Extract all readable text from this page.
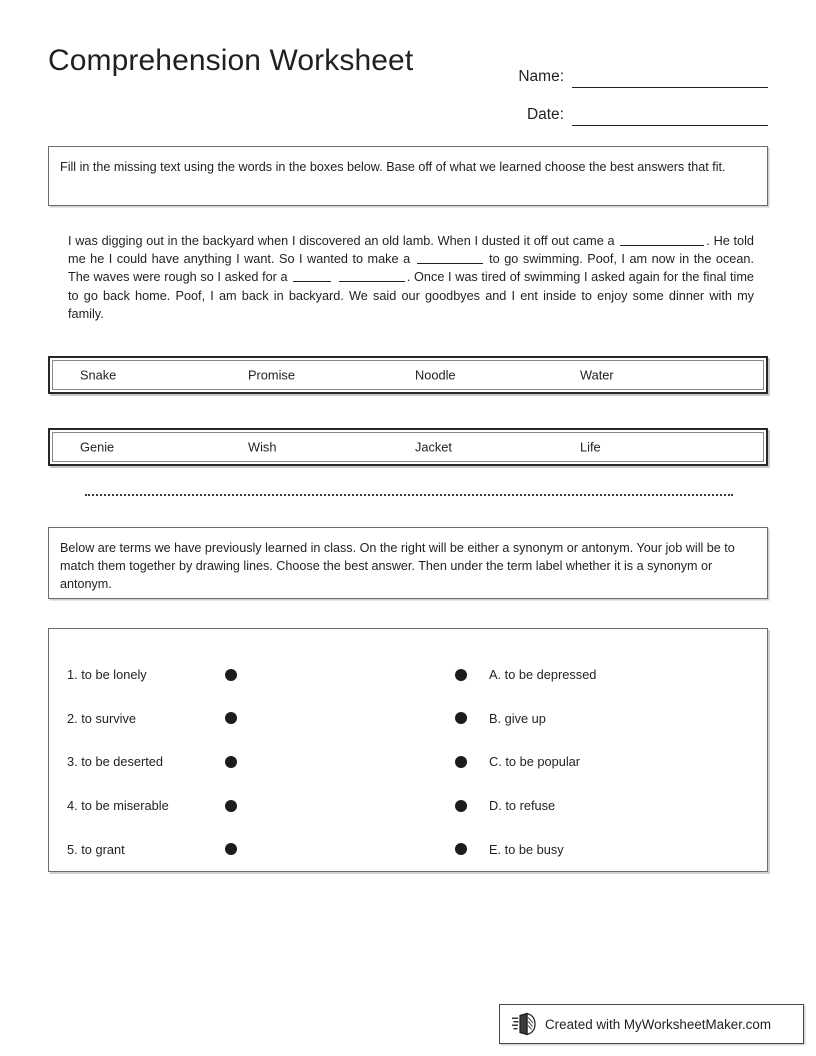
Comprehension Worksheet	Name:
Date:

Fill in the missing text using the words in the boxes below. Base off of what we learned choose the best answers that fit.

I was digging out in the backyard when I discovered an old lamb. When I dusted it off out came a	. He told me he I could have anything I want. So I wanted to make a	to go swimming. Poof, I am now in the ocean. The waves were rough so I asked for a	. Once I was tired of swimming I asked again for the final time to go back home. Poof, I am back in backyard. We said our goodbyes and I ent inside to enjoy some dinner with my family.
Snake	Promise	Noodle	Water
Genie	Wish	Jacket	Life

Below are terms we have previously learned in class. On the right will be either a synonym or antonym. Your job will be to match them together by drawing lines. Choose the best answer. Then under the term label whether it is a synonym or antonym.

1. to be lonely
2. to survive
3. to be deserted
4. to be miserable
5. to grant
A. to be depressed
B. give up
C. to be popular
D. to refuse
E. to be busy
Created with MyWorksheetMaker.com
